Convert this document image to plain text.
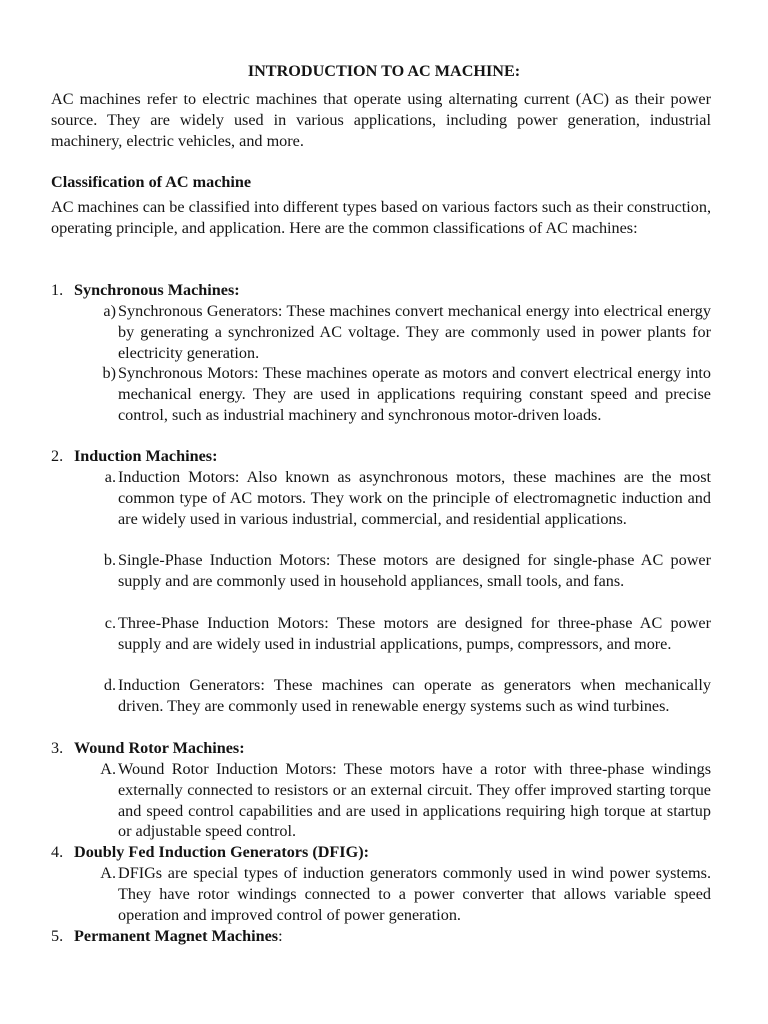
INTRODUCTION TO AC MACHINE:

AC machines refer to electric machines that operate using alternating current (AC) as their power source. They are widely used in various applications, including power generation, industrial machinery, electric vehicles, and more.

Classification of AC machine

AC machines can be classified into different types based on various factors such as their construction, operating principle, and application. Here are the common classifications of AC machines:

1. Synchronous Machines:

a) Synchronous Generators: These machines convert mechanical energy into electrical energy by generating a synchronized AC voltage. They are commonly used in power plants for electricity generation.

b) Synchronous Motors: These machines operate as motors and convert electrical energy into mechanical energy. They are used in applications requiring constant speed and precise control, such as industrial machinery and synchronous motor-driven loads.

2. Induction Machines:

a. Induction Motors: Also known as asynchronous motors, these machines are the most common type of AC motors. They work on the principle of electromagnetic induction and are widely used in various industrial, commercial, and residential applications.

b. Single-Phase Induction Motors: These motors are designed for single-phase AC power supply and are commonly used in household appliances, small tools, and fans.

c. Three-Phase Induction Motors: These motors are designed for three-phase AC power supply and are widely used in industrial applications, pumps, compressors, and more.

d. Induction Generators: These machines can operate as generators when mechanically driven. They are commonly used in renewable energy systems such as wind turbines.

3. Wound Rotor Machines:

A. Wound Rotor Induction Motors: These motors have a rotor with three-phase windings externally connected to resistors or an external circuit. They offer improved starting torque and speed control capabilities and are used in applications requiring high torque at startup or adjustable speed control.

4. Doubly Fed Induction Generators (DFIG):

A. DFIGs are special types of induction generators commonly used in wind power systems. They have rotor windings connected to a power converter that allows variable speed operation and improved control of power generation.

5. Permanent Magnet Machines:
